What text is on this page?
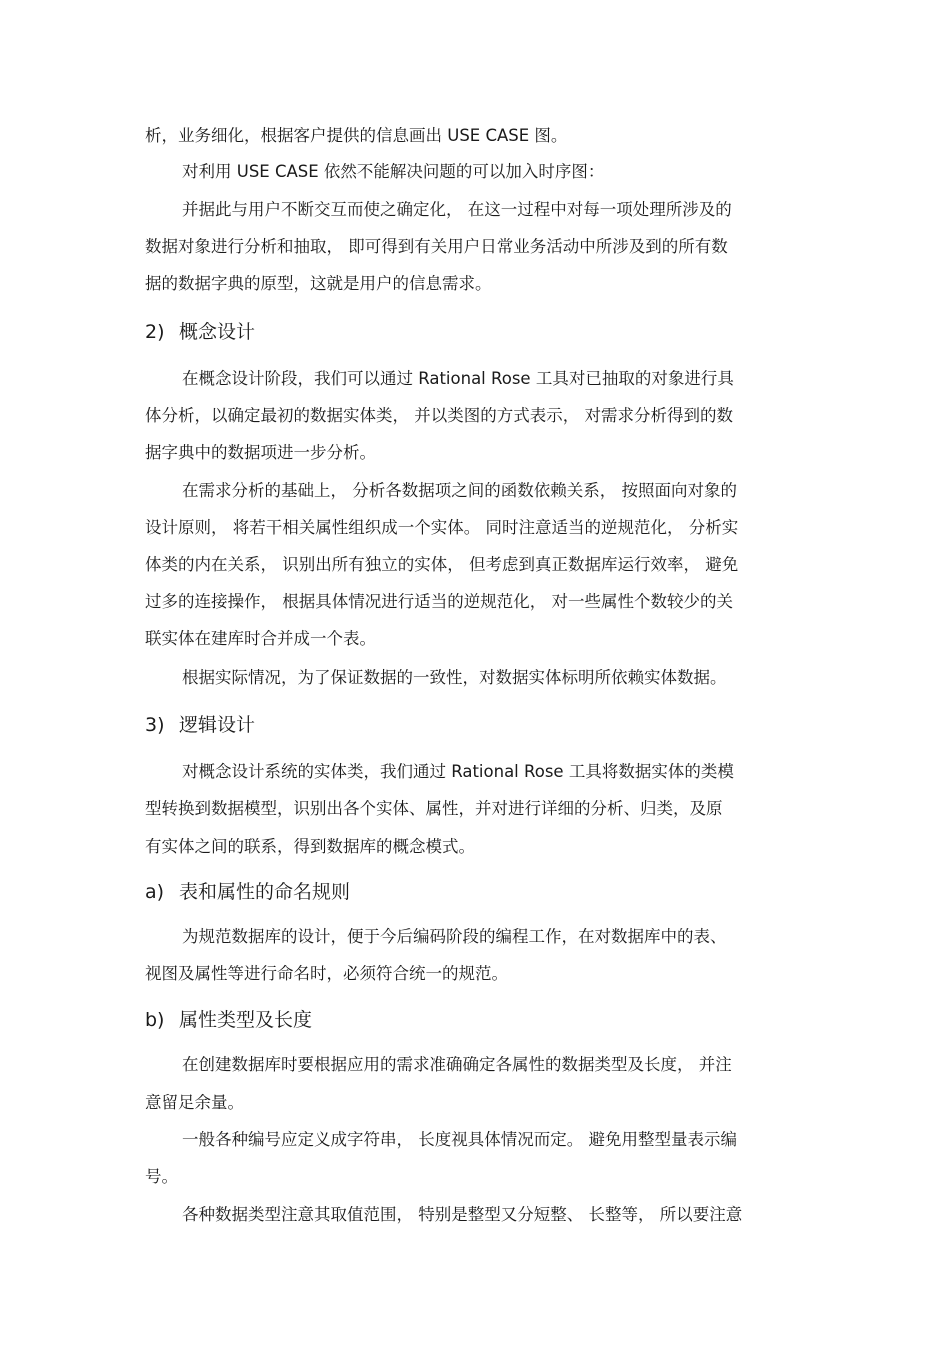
析，业务细化，根据客户提供的信息画出 USE CASE 图。
对利用 USE CASE 依然不能解决问题的可以加入时序图：
并据此与用户不断交互而使之确定化， 在这一过程中对每一项处理所涉及的
数据对象进行分析和抽取， 即可得到有关用户日常业务活动中所涉及到的所有数
据的数据字典的原型，这就是用户的信息需求。
2) 概念设计
在概念设计阶段，我们可以通过 Rational Rose 工具对已抽取的对象进行具
体分析，以确定最初的数据实体类， 并以类图的方式表示， 对需求分析得到的数
据字典中的数据项进一步分析。
在需求分析的基础上， 分析各数据项之间的函数依赖关系， 按照面向对象的
设计原则， 将若干相关属性组织成一个实体。 同时注意适当的逆规范化， 分析实
体类的内在关系， 识别出所有独立的实体， 但考虑到真正数据库运行效率， 避免
过多的连接操作， 根据具体情况进行适当的逆规范化， 对一些属性个数较少的关
联实体在建库时合并成一个表。
根据实际情况，为了保证数据的一致性，对数据实体标明所依赖实体数据。
3) 逻辑设计
对概念设计系统的实体类，我们通过 Rational Rose 工具将数据实体的类模
型转换到数据模型，识别出各个实体、属性，并对进行详细的分析、归类，及原
有实体之间的联系，得到数据库的概念模式。
a) 表和属性的命名规则
为规范数据库的设计，便于今后编码阶段的编程工作，在对数据库中的表、
视图及属性等进行命名时，必须符合统一的规范。
b) 属性类型及长度
在创建数据库时要根据应用的需求准确确定各属性的数据类型及长度， 并注
意留足余量。
一般各种编号应定义成字符串， 长度视具体情况而定。 避免用整型量表示编
号。
各种数据类型注意其取值范围， 特别是整型又分短整、 长整等， 所以要注意
